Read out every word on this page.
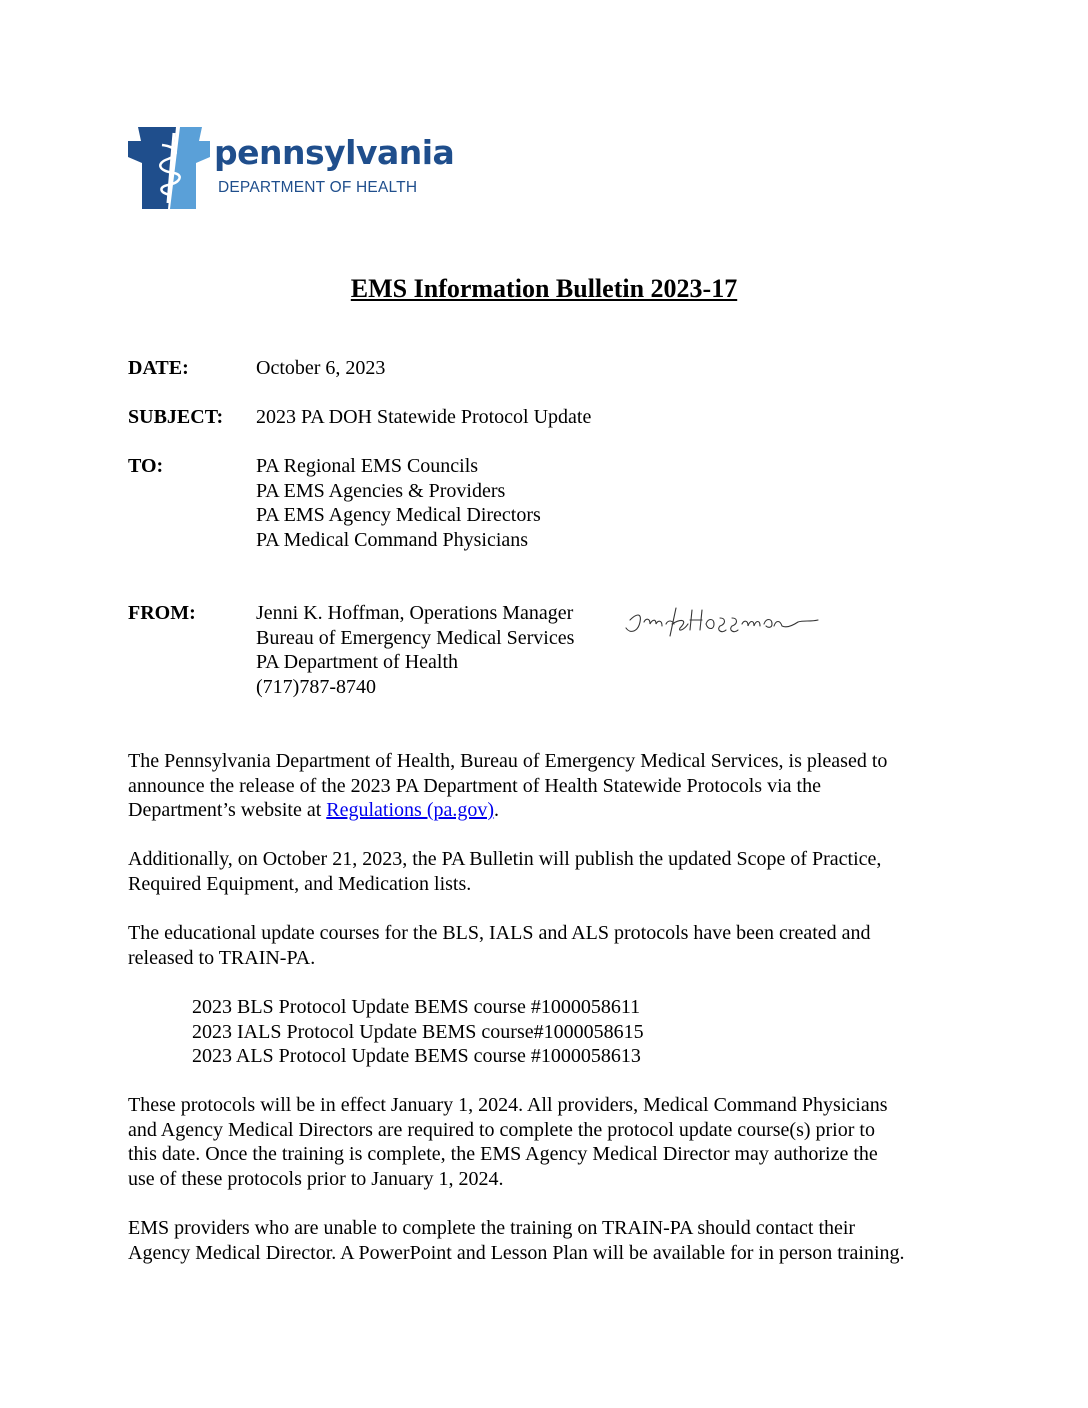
pennsylvania
DEPARTMENT OF HEALTH
EMS Information Bulletin 2023-17
DATE:	October 6, 2023
SUBJECT: 2023 PA DOH Statewide Protocol Update
TO:	PA Regional EMS Councils
PA EMS Agencies & Providers
PA EMS Agency Medical Directors
PA Medical Command Physicians
FROM:	Jenni K. Hoffman, Operations Manager
Bureau of Emergency Medical Services
PA Department of Health
(717)787-8740
The Pennsylvania Department of Health, Bureau of Emergency Medical Services, is pleased to
announce the release of the 2023 PA Department of Health Statewide Protocols via the
Department’s website at Regulations (pa.gov).
Additionally, on October 21, 2023, the PA Bulletin will publish the updated Scope of Practice,
Required Equipment, and Medication lists.
The educational update courses for the BLS, IALS and ALS protocols have been created and
released to TRAIN-PA.
2023 BLS Protocol Update BEMS course #1000058611
2023 IALS Protocol Update BEMS course#1000058615
2023 ALS Protocol Update BEMS course #1000058613
These protocols will be in effect January 1, 2024. All providers, Medical Command Physicians
and Agency Medical Directors are required to complete the protocol update course(s) prior to
this date. Once the training is complete, the EMS Agency Medical Director may authorize the
use of these protocols prior to January 1, 2024.
EMS providers who are unable to complete the training on TRAIN-PA should contact their
Agency Medical Director. A PowerPoint and Lesson Plan will be available for in person training.
